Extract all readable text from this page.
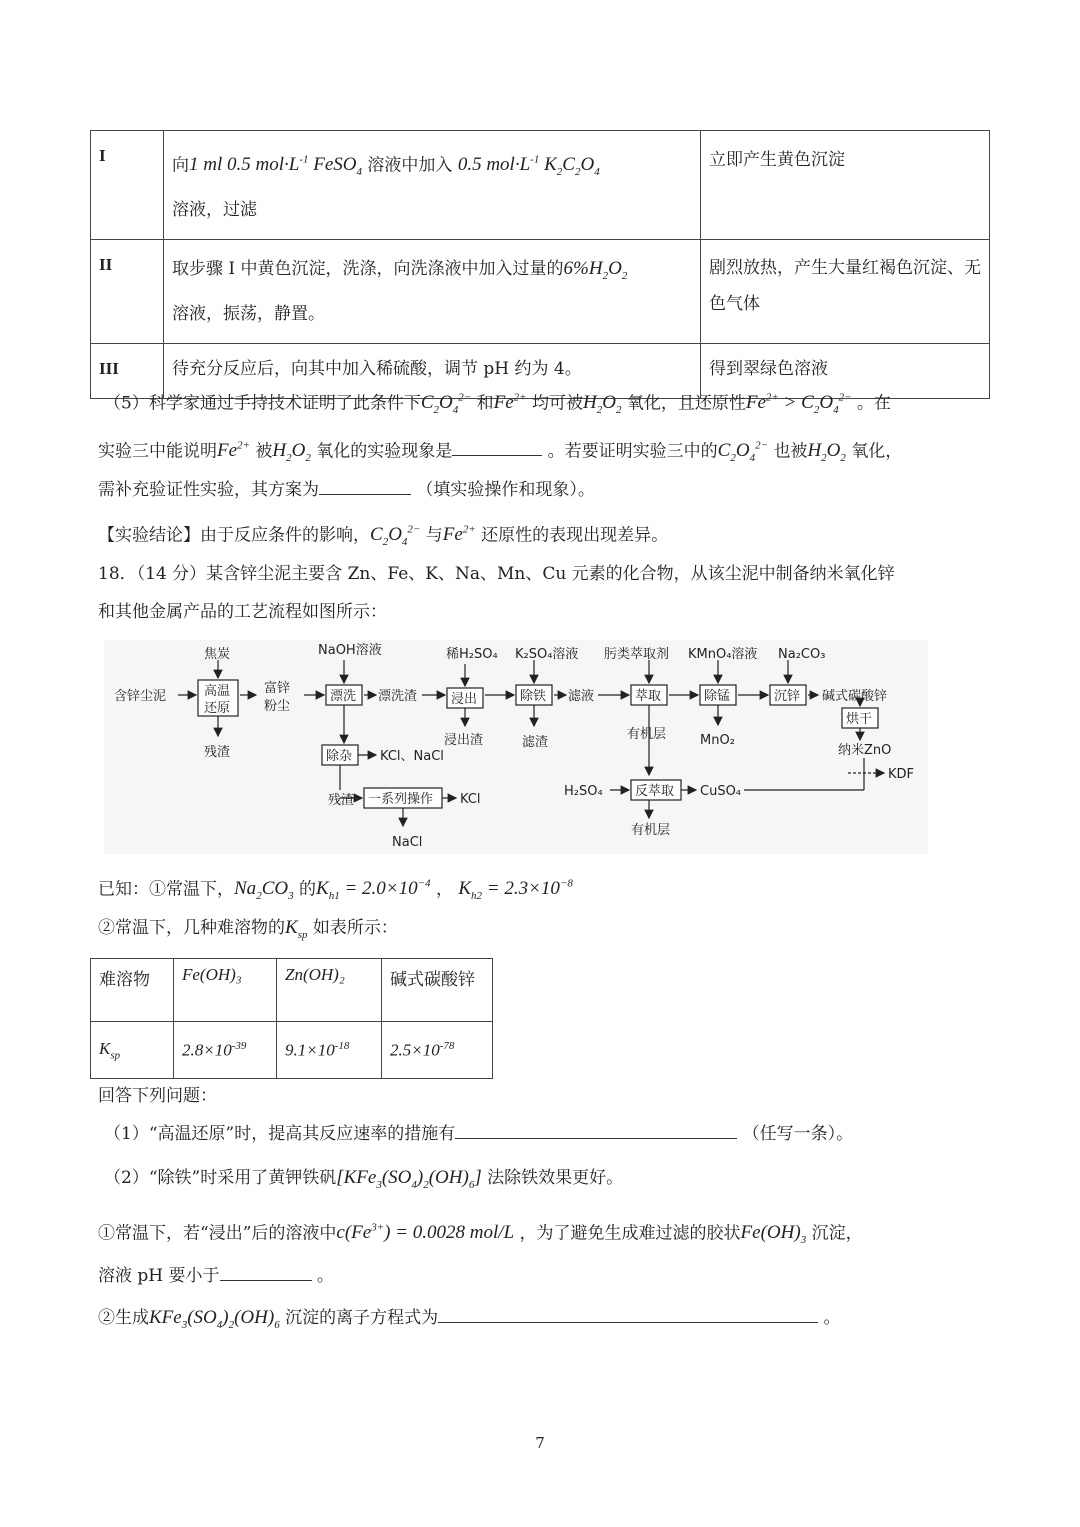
I	向1 ml 0.5 $mol\cdot L^{-1}$ FeSO$_4$ 溶液中加入 0.5 $mol\cdot L^{-1}$ $K_2C_2O_4$
溶液，过滤	立即产生黄色沉淀
II	取步骤 I 中黄色沉淀，洗涤，向洗涤液中加入过量的$6\%H_2O_2$
溶液，振荡，静置。	剧烈放热，产生大量红褐色沉淀、无色气体
III	待充分反应后，向其中加入稀硫酸，调节 pH 约为 4。	得到翠绿色溶液
（5）科学家通过手持技术证明了此条件下$C_2O_4^{2-}$ 和$Fe^{2+}$ 均可被$H_2O_2$ 氧化，且还原性$Fe^{2+} > C_2O_4^{2-}$ 。在
实验三中能说明$Fe^{2+}$ 被$H_2O_2$ 氧化的实验现象是	。若要证明实验三中的$C_2O_4^{2-}$ 也被$H_2O_2$ 氧化，
需补充验证性实验，其方案为	（填实验操作和现象）。
【实验结论】由于反应条件的影响，$C_2O_4^{2-}$ 与$Fe^{2+}$ 还原性的表现出现差异。
18．（14 分）某含锌尘泥主要含 Zn、Fe、K、Na、Mn、Cu 元素的化合物，从该尘泥中制备纳米氧化锌
和其他金属产品的工艺流程如图所示：
焦炭	NaOH溶液	稀H₂SO₄ K₂SO₄溶液 肟类萃取剂 KMnO₄溶液 Na₂CO₃
含锌尘泥	高温
还原
富锌
粉尘
漂洗 漂洗渣	浸出	除铁 滤液	萃取	除锰	沉锌 碱式碳酸锌
烘干
纳米ZnO
KDF
残渣
浸出渣	滤渣
有机层	MnO₂
除杂 KCl、NaCl
残渣 一系列操作 KCl
NaCl
H₂SO₄ 反萃取 CuSO₄
有机层
已知：①常温下，$Na_2CO_3$ 的$K_{h1} = 2.0\times 10^{-4}$ ， $K_{h2} = 2.3\times 10^{-8}$
②常温下，几种难溶物的$K_{sp}$ 如表所示：
难溶物	Fe(OH)₃	Zn(OH)₂	碱式碳酸锌
$K_{sp}$	$2.8\times 10^{-39}$	$9.1\times 10^{-18}$	$2.5\times 10^{-78}$
回答下列问题：
（1）“高温还原”时，提高其反应速率的措施有	（任写一条）。
（2）“除铁”时采用了黄钾铁矾$[KFe_3(SO_4)_2(OH)_6]$ 法除铁效果更好。
①常温下，若“浸出”后的溶液中$c(Fe^{3+}) = 0.0028$ mol/L ，为了避免生成难过滤的胶状$Fe(OH)_3$ 沉淀，
溶液 pH 要小于	。
②生成$KFe_3(SO_4)_2(OH)_6$ 沉淀的离子方程式为	。
7
